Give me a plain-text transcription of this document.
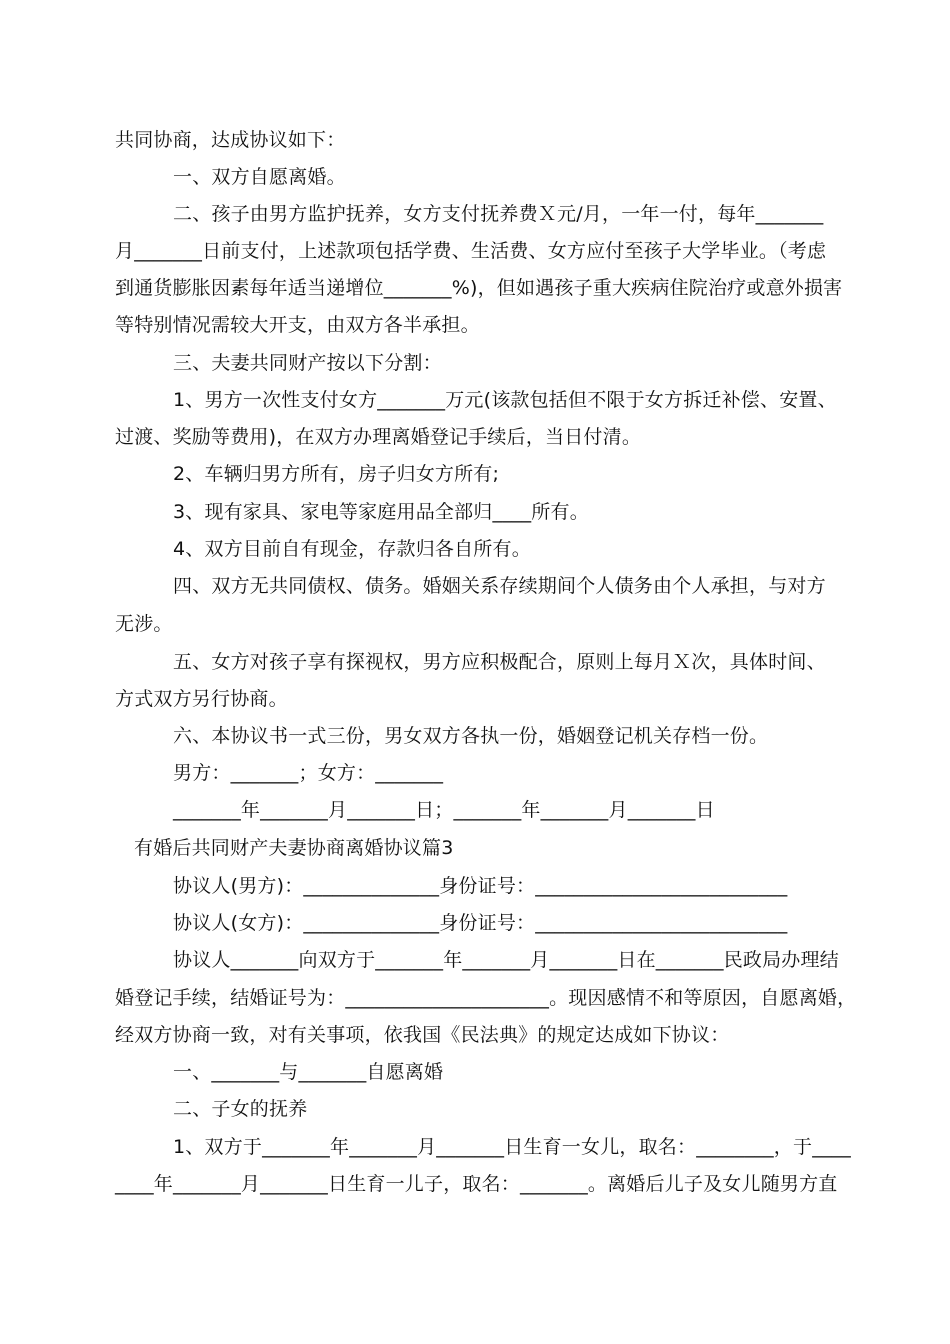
共同协商，达成协议如下：
一、双方自愿离婚。
二、孩子由男方监护抚养，女方支付抚养费Ｘ元/月，一年一付，每年_______
月_______日前支付，上述款项包括学费、生活费、女方应付至孩子大学毕业。（考虑
到通货膨胀因素每年适当递增位_______%)，但如遇孩子重大疾病住院治疗或意外损害
等特别情况需较大开支，由双方各半承担。
三、夫妻共同财产按以下分割：
1、男方一次性支付女方_______万元(该款包括但不限于女方拆迁补偿、安置、
过渡、奖励等费用)，在双方办理离婚登记手续后，当日付清。
2、车辆归男方所有，房子归女方所有;
3、现有家具、家电等家庭用品全部归____所有。
4、双方目前自有现金，存款归各自所有。
四、双方无共同债权、债务。婚姻关系存续期间个人债务由个人承担，与对方
无涉。
五、女方对孩子享有探视权，男方应积极配合，原则上每月Ｘ次，具体时间、
方式双方另行协商。
六、本协议书一式三份，男女双方各执一份，婚姻登记机关存档一份。
男方：_______；女方：_______
_______年_______月_______日；_______年_______月_______日
有婚后共同财产夫妻协商离婚协议篇3
协议人(男方)：______________身份证号：__________________________
协议人(女方)：______________身份证号：__________________________
协议人_______向双方于_______年_______月_______日在_______民政局办理结
婚登记手续，结婚证号为：_____________________。现因感情不和等原因，自愿离婚，
经双方协商一致，对有关事项，依我国《民法典》的规定达成如下协议：
一、_______与_______自愿离婚
二、子女的抚养
1、双方于_______年_______月_______日生育一女儿，取名：________，于____
____年_______月_______日生育一儿子，取名：_______。离婚后儿子及女儿随男方直
